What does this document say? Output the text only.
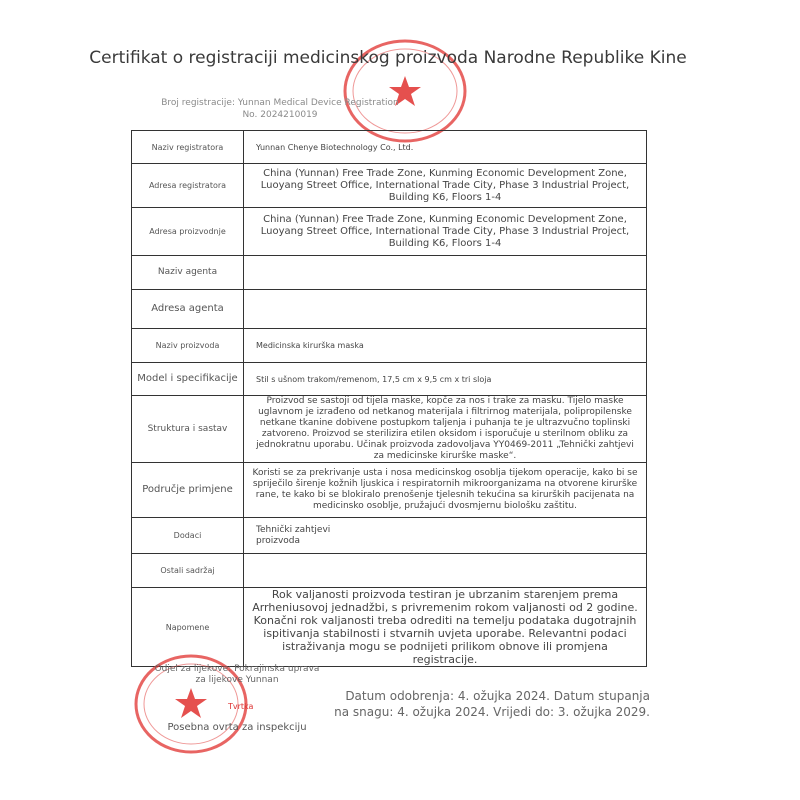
Certifikat o registraciji medicinskog proizvoda Narodne Republike Kine
Broj registracije: Yunnan Medical Device Registration No. 2024210019
Naziv registratora	Yunnan Chenye Biotechnology Co., Ltd.
Adresa registratora	China (Yunnan) Free Trade Zone, Kunming Economic Development Zone, Luoyang Street Office, International Trade City, Phase 3 Industrial Project, Building K6, Floors 1-4
Adresa proizvodnje	China (Yunnan) Free Trade Zone, Kunming Economic Development Zone, Luoyang Street Office, International Trade City, Phase 3 Industrial Project, Building K6, Floors 1-4
Naziv agenta	
Adresa agenta	
Naziv proizvoda	Medicinska kirurška maska
Model i specifikacije	Stil s ušnom trakom/remenom, 17,5 cm x 9,5 cm x tri sloja
Struktura i sastav	Proizvod se sastoji od tijela maske, kopče za nos i trake za masku. Tijelo maske uglavnom je izrađeno od netkanog materijala i filtrirnog materijala, polipropilenske netkane tkanine dobivene postupkom taljenja i puhanja te je ultrazvučno toplinski zatvoreno. Proizvod se sterilizira etilen oksidom i isporučuje u sterilnom obliku za jednokratnu uporabu. Učinak proizvoda zadovoljava YY0469-2011 „Tehnički zahtjevi za medicinske kirurške maske“.
Područje primjene	Koristi se za prekrivanje usta i nosa medicinskog osoblja tijekom operacije, kako bi se spriječilo širenje kožnih ljuskica i respiratornih mikroorganizama na otvorene kirurške rane, te kako bi se blokiralo prenošenje tjelesnih tekućina sa kirurških pacijenata na medicinsko osoblje, pružajući dvosmjernu biološku zaštitu.
Dodaci	Tehnički zahtjevi proizvoda
Ostali sadržaj	
Napomene	Rok valjanosti proizvoda testiran je ubrzanim starenjem prema Arrheniusovoj jednadžbi, s privremenim rokom valjanosti od 2 godine. Konačni rok valjanosti treba odrediti na temelju podataka dugotrajnih ispitivanja stabilnosti i stvarnih uvjeta uporabe. Relevantni podaci istraživanja mogu se podnijeti prilikom obnove ili promjena registracije.
Odjel za lijekove: Pokrajinska uprava za lijekove Yunnan
Posebna ovrta za inspekciju
Tvrtka
Datum odobrenja: 4. ožujka 2024. Datum stupanja na snagu: 4. ožujka 2024. Vrijedi do: 3. ožujka 2029.
